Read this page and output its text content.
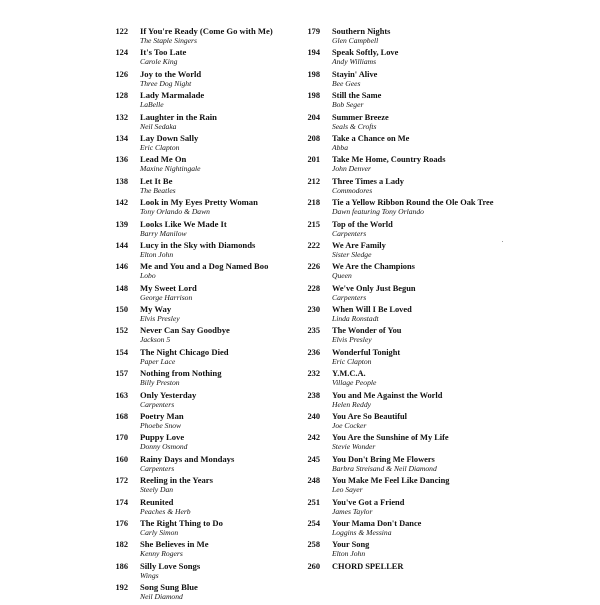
122 If You're Ready (Come Go with Me)
The Staple Singers
124 It's Too Late
Carole King
126 Joy to the World
Three Dog Night
128 Lady Marmalade
LaBelle
132 Laughter in the Rain
Neil Sedaka
134 Lay Down Sally
Eric Clapton
136 Lead Me On
Maxine Nightingale
138 Let It Be
The Beatles
142 Look in My Eyes Pretty Woman
Tony Orlando & Dawn
139 Looks Like We Made It
Barry Manilow
144 Lucy in the Sky with Diamonds
Elton John
146 Me and You and a Dog Named Boo
Lobo
148 My Sweet Lord
George Harrison
150 My Way
Elvis Presley
152 Never Can Say Goodbye
Jackson 5
154 The Night Chicago Died
Paper Lace
157 Nothing from Nothing
Billy Preston
163 Only Yesterday
Carpenters
168 Poetry Man
Phoebe Snow
170 Puppy Love
Donny Osmond
160 Rainy Days and Mondays
Carpenters
172 Reeling in the Years
Steely Dan
174 Reunited
Peaches & Herb
176 The Right Thing to Do
Carly Simon
182 She Believes in Me
Kenny Rogers
186 Silly Love Songs
Wings
192 Song Sung Blue
Neil Diamond
179 Southern Nights
Glen Campbell
194 Speak Softly, Love
Andy Williams
198 Stayin' Alive
Bee Gees
198 Still the Same
Bob Seger
204 Summer Breeze
Seals & Crofts
208 Take a Chance on Me
Abba
201 Take Me Home, Country Roads
John Denver
212 Three Times a Lady
Commodores
218 Tie a Yellow Ribbon Round the Ole Oak Tree
Dawn featuring Tony Orlando
215 Top of the World
Carpenters
222 We Are Family
Sister Sledge
226 We Are the Champions
Queen
228 We've Only Just Begun
Carpenters
230 When Will I Be Loved
Linda Ronstadt
235 The Wonder of You
Elvis Presley
236 Wonderful Tonight
Eric Clapton
232 Y.M.C.A.
Village People
238 You and Me Against the World
Helen Reddy
240 You Are So Beautiful
Joe Cocker
242 You Are the Sunshine of My Life
Stevie Wonder
245 You Don't Bring Me Flowers
Barbra Streisand & Neil Diamond
248 You Make Me Feel Like Dancing
Leo Sayer
251 You've Got a Friend
James Taylor
254 Your Mama Don't Dance
Loggins & Messina
258 Your Song
Elton John
260 CHORD SPELLER
